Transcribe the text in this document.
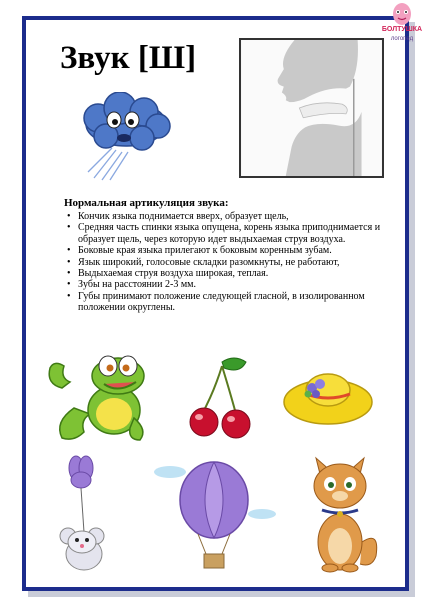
БОЛТУШКА
логопед
Звук [Ш]
Нормальная артикуляция звука:
• Кончик языка поднимается вверх, образует щель,
• Средняя часть спинки языка опущена, корень языка приподнимается и образует щель, через которую идет выдыхаемая струя воздуха.
• Боковые края языка прилегают к боковым коренным зубам.
• Язык широкий, голосовые складки разомкнуты, не работают,
• Выдыхаемая струя воздуха широкая, теплая.
• Зубы на расстоянии 2-3 мм.
• Губы принимают положение следующей гласной, в изолированном положении округлены.
